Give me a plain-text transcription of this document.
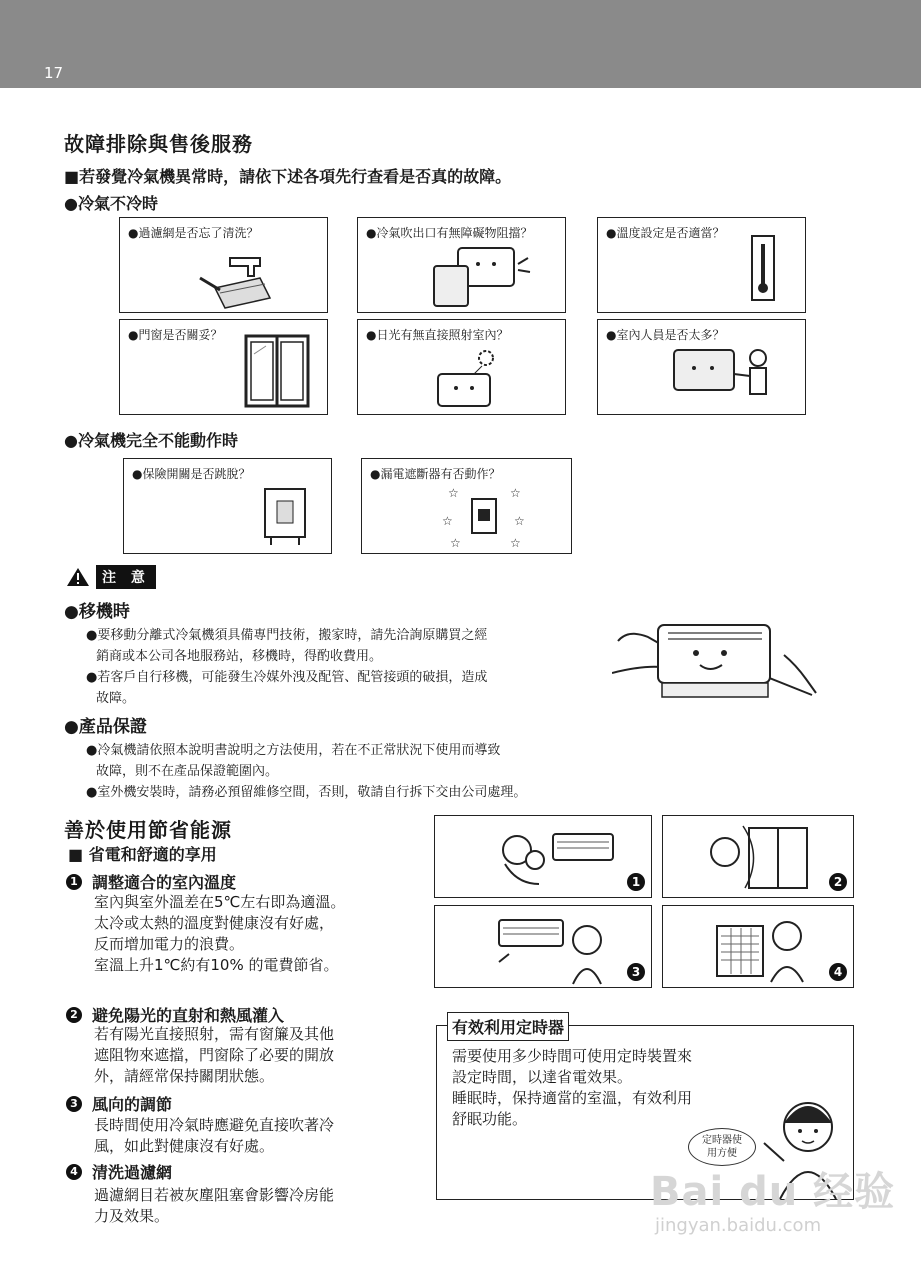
17
故障排除與售後服務
■若發覺冷氣機異常時，請依下述各項先行查看是否真的故障。
●冷氣不冷時
●過濾網是否忘了清洗？	●冷氣吹出口有無障礙物阻擋？	●溫度設定是否適當？
●門窗是否關妥？	●日光有無直接照射室內？	●室內人員是否太多？
●冷氣機完全不能動作時
●保險開關是否跳脫？	●漏電遮斷器有否動作？
☆	☆
☆	☆
☆	☆
注 意
●移機時
●要移動分離式冷氣機須具備專門技術，搬家時，請先洽詢原購買之經
銷商或本公司各地服務站，移機時，得酌收費用。
●若客戶自行移機，可能發生冷媒外洩及配管、配管接頭的破損，造成
故障。
●產品保證
●冷氣機請依照本說明書說明之方法使用，若在不正常狀況下使用而導致
故障，則不在產品保證範圍內。
●室外機安裝時，請務必預留維修空間，否則，敬請自行拆下交由公司處理。
善於使用節省能源
■ 省電和舒適的享用
1 調整適合的室內溫度
室內與室外溫差在5℃左右即為適溫。
太冷或太熱的溫度對健康沒有好處，
反而增加電力的浪費。
室溫上升1℃約有10% 的電費節省。
2 避免陽光的直射和熱風灌入
若有陽光直接照射，需有窗簾及其他
遮阻物來遮擋，門窗除了必要的開放
外，請經常保持關閉狀態。
3 風向的調節
長時間使用冷氣時應避免直接吹著冷
風，如此對健康沒有好處。
4 清洗過濾網
過濾網目若被灰塵阻塞會影響冷房能
力及效果。
1	2
3	4
有效利用定時器
需要使用多少時間可使用定時裝置來
設定時間，以達省電效果。
睡眠時，保持適當的室溫，有效利用
舒眠功能。
定時器使
用方便
Bai du 经验
jingyan.baidu.com
